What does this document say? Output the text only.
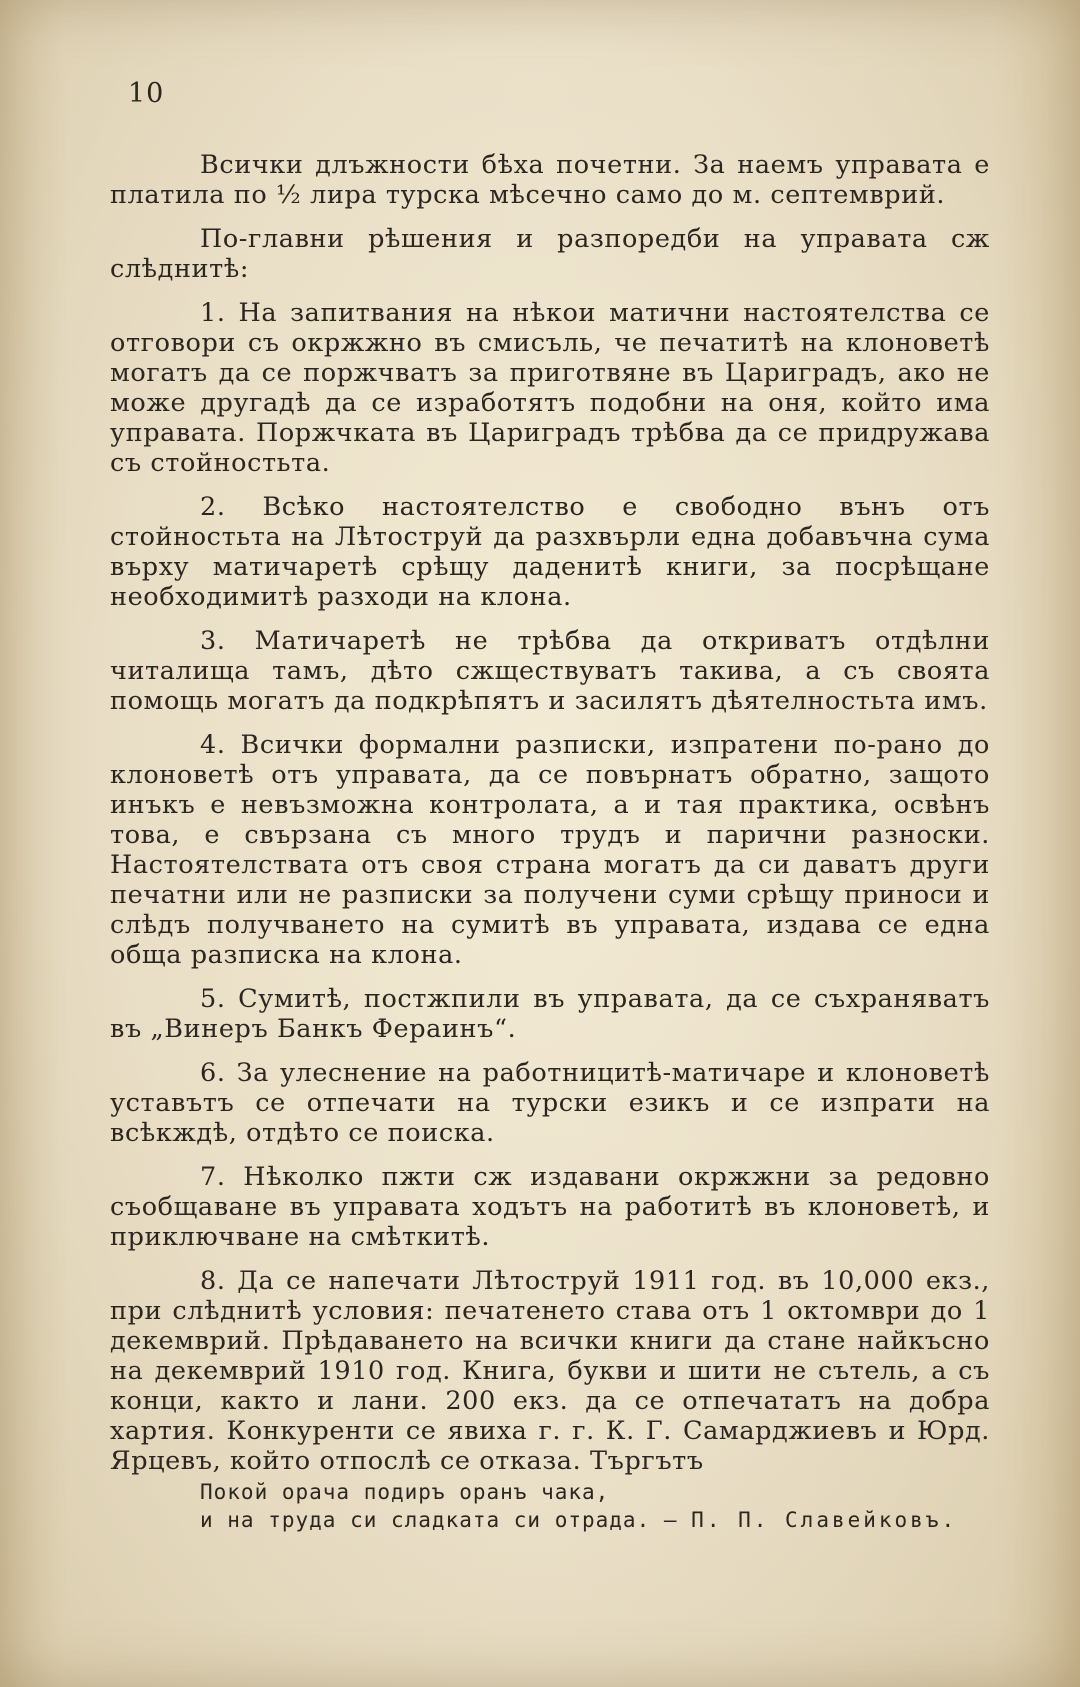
10

Всички длъжности бѣха почетни. За наемъ управата е платила по ½ лира турска мѣсечно само до м. септемврий.

По-главни рѣшения и разпоредби на управата сж слѣднитѣ:

1. На запитвания на нѣкои матични настоятелства се отговори съ окржжно въ смисъль, че печатитѣ на клоноветѣ могатъ да се поржчватъ за приготвяне въ Цариградъ, ако не може другадѣ да се изработятъ подобни на оня, който има управата. Поржчката въ Цариградъ трѣбва да се придружава съ стойностьта.

2. Всѣко настоятелство е свободно вънъ отъ стойностьта на Лѣтоструй да разхвърли една добавъчна сума върху матичаретѣ срѣщу даденитѣ книги, за посрѣщане необходимитѣ разходи на клона.

3. Матичаретѣ не трѣбва да откриватъ отдѣлни читалища тамъ, дѣто сжществуватъ такива, а съ своята помощь могатъ да подкрѣпятъ и засилятъ дѣятелностьта имъ.

4. Всички формални разписки, изпратени по-рано до клоноветѣ отъ управата, да се повърнатъ обратно, защото инъкъ е невъзможна контролата, а и тая практика, освѣнъ това, е свързана съ много трудъ и парични разноски. Настоятелствата отъ своя страна могатъ да си даватъ други печатни или не разписки за получени суми срѣщу приноси и слѣдъ получването на сумитѣ въ управата, издава се една обща разписка на клона.

5. Сумитѣ, постжпили въ управата, да се съхраняватъ въ „Винеръ Банкъ Фераинъ“.

6. За улеснение на работницитѣ-матичаре и клоноветѣ уставътъ се отпечати на турски езикъ и се изпрати на всѣкждѣ, отдѣто се поиска.

7. Нѣколко пжти сж издавани окржжни за редовно съобщаване въ управата ходътъ на работитѣ въ клоноветѣ, и приключване на смѣткитѣ.

8. Да се напечати Лѣтоструй 1911 год. въ 10,000 екз., при слѣднитѣ условия: печатенето става отъ 1 октомври до 1 декемврий. Прѣдаването на всички книги да стане найкъсно на декемврий 1910 год. Книга, букви и шити не сътель, а съ конци, както и лани. 200 екз. да се отпечататъ на добра хартия. Конкуренти се явиха г. г. К. Г. Самарджиевъ и Юрд. Ярцевъ, който отпослѣ се отказа. Търгътъ

Покой орача подиръ оранъ чака,
и на труда си сладката си отрада. — П. П. Славейковъ.
